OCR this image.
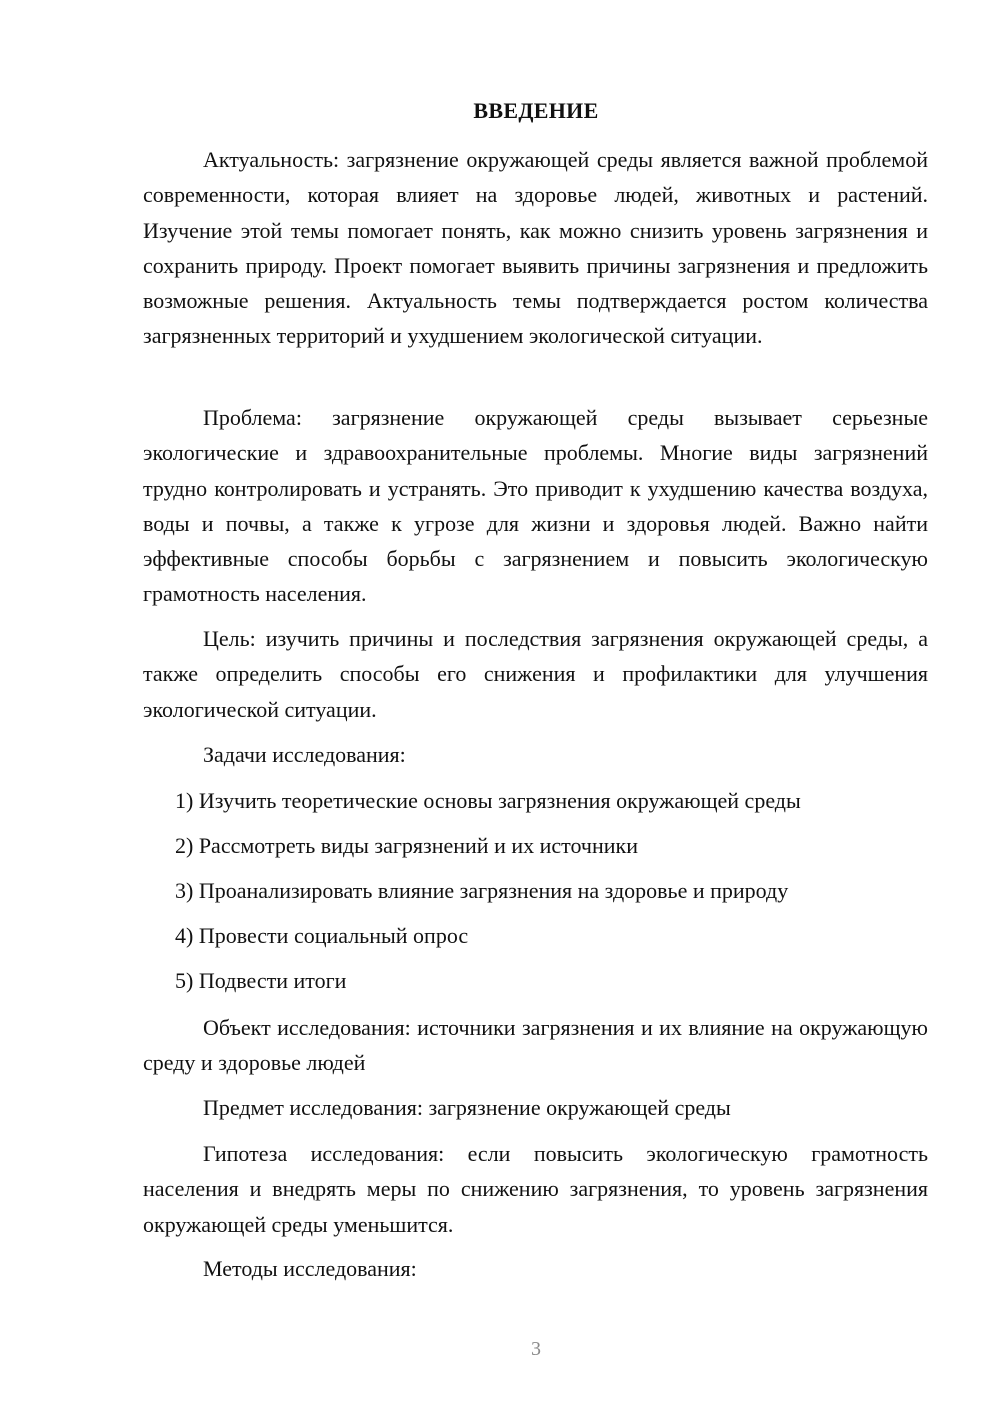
ВВЕДЕНИЕ

Актуальность: загрязнение окружающей среды является важной проблемой современности, которая влияет на здоровье людей, животных и растений. Изучение этой темы помогает понять, как можно снизить уровень загрязнения и сохранить природу. Проект помогает выявить причины загрязнения и предложить возможные решения. Актуальность темы подтверждается ростом количества загрязненных территорий и ухудшением экологической ситуации.

Проблема: загрязнение окружающей среды вызывает серьезные экологические и здравоохранительные проблемы. Многие виды загрязнений трудно контролировать и устранять. Это приводит к ухудшению качества воздуха, воды и почвы, а также к угрозе для жизни и здоровья людей. Важно найти эффективные способы борьбы с загрязнением и повысить экологическую грамотность населения.

Цель: изучить причины и последствия загрязнения окружающей среды, а также определить способы его снижения и профилактики для улучшения экологической ситуации.

Задачи исследования:

1) Изучить теоретические основы загрязнения окружающей среды

2) Рассмотреть виды загрязнений и их источники

3) Проанализировать влияние загрязнения на здоровье и природу

4) Провести социальный опрос

5) Подвести итоги

Объект исследования: источники загрязнения и их влияние на окружающую среду и здоровье людей

Предмет исследования: загрязнение окружающей среды

Гипотеза исследования: если повысить экологическую грамотность населения и внедрять меры по снижению загрязнения, то уровень загрязнения окружающей среды уменьшится.

Методы исследования:

3
